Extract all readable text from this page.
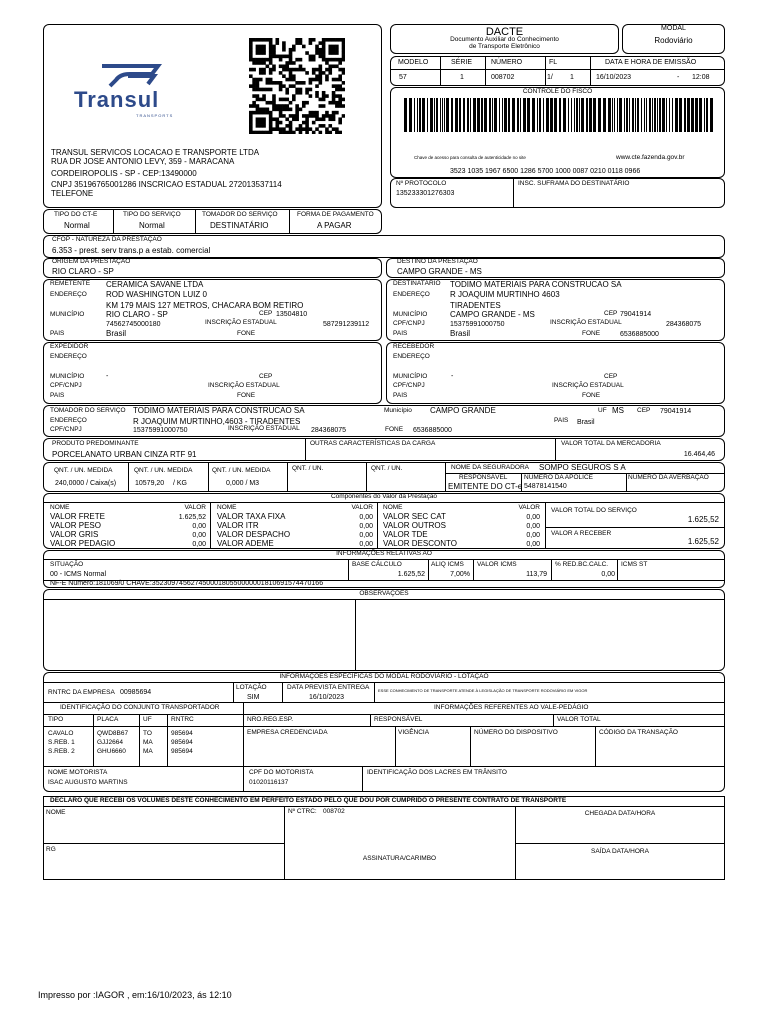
Transul
TRANSPORTS
TRANSUL SERVICOS LOCACAO E TRANSPORTE LTDA
RUA DR JOSE ANTONIO LEVY, 359 - MARACANA
CORDEIROPOLIS - SP - CEP:13490000
CNPJ 35196765001286 INSCRICAO ESTADUAL 272013537114
TELEFONE
DACTE
Documento Auxiliar do Conhecimento
de Transporte Eletrônico
MODAL
Rodoviário
MODELO
57
SÉRIE
1
NÚMERO
008702
FL
1/ 1
DATA E HORA DE EMISSÃO
16/10/2023	- 12:08
CONTROLE DO FISCO
Chave de acesso para consulta de autenticidade no site	www.cte.fazenda.gov.br
3523 1035 1967 6500 1286 5700 1000 0087 0210 0118 0966
Nº PROTOCOLO
135233301276303
INSC. SUFRAMA DO DESTINATÁRIO
TIPO DO CT-E
Normal
TIPO DO SERVIÇO
Normal
TOMADOR DO SERVIÇO
DESTINATÁRIO
FORMA DE PAGAMENTO
A PAGAR
CFOP - NATUREZA DA PRESTAÇÃO
6.353 - prest. serv trans.p a estab. comercial
ORIGEM DA PRESTAÇÃO
RIO CLARO - SP
DESTINO DA PRESTAÇÃO
CAMPO GRANDE - MS
REMETENTE CERAMICA SAVANE LTDA
ENDEREÇO ROD WASHINGTON LUIZ 0
KM 179 MAIS 127 METROS, CHACARA BOM RETIRO
MUNICÍPIO	RIO CLARO - SP	CEP 13504810
74562745000180	INSCRIÇÃO ESTADUAL	587291239112
PAIS	Brasil	FONE
DESTINATÁRIO TODIMO MATERIAIS PARA CONSTRUCAO SA
ENDEREÇO	R JOAQUIM MURTINHO 4603
TIRADENTES
MUNICÍPIO	CAMPO GRANDE - MS	CEP 79041914
CPF/CNPJ	15375991000750	INSCRIÇÃO ESTADUAL	284368075
PAIS	Brasil	FONE	6536885000
EXPEDIDOR
ENDEREÇO
MUNICÍPIO	-	CEP
CPF/CNPJ	INSCRIÇÃO ESTADUAL
PAIS	FONE
RECEBEDOR
ENDEREÇO
MUNICÍPIO	-	CEP
CPF/CNPJ	INSCRIÇÃO ESTADUAL
PAIS	FONE
TOMADOR DO SERVIÇO TODIMO MATERIAIS PARA CONSTRUCAO SA	Município CAMPO GRANDE	UF MS CEP 79041914
ENDEREÇO	R JOAQUIM MURTINHO,4603 - TIRADENTES	PAIS Brasil
CPF/CNPJ	15375991000750	INSCRIÇÃO ESTADUAL 284368075	FONE 6536885000
PRODUTO PREDOMINANTE
PORCELANATO URBAN CINZA RTF 91
OUTRAS CARACTERÍSTICAS DA CARGA	VALOR TOTAL DA MERCADORIA
16.464,46
QNT. / UN. MEDIDA
240,0000 / Caixa(s)
QNT. / UN. MEDIDA
10579,20 / KG
QNT. / UN. MEDIDA
0,000 / M3
QNT. / UN.	QNT. / UN.	NOME DA SEGURADORA SOMPO SEGUROS S A
RESPONSÁVEL
EMITENTE DO CT-e
NÚMERO DA APÓLICE
54878141540
NÚMERO DA AVERBAÇÃO
Componentes do Valor da Prestação
NOME	VALOR
VALOR FRETE	1.625,52
VALOR PESO	0,00
VALOR GRIS	0,00
VALOR PEDAGIO	0,00
NOME	VALOR
VALOR TAXA FIXA	0,00
VALOR ITR	0,00
VALOR DESPACHO	0,00
VALOR ADEME	0,00
NOME	VALOR
VALOR SEC CAT	0,00
VALOR OUTROS	0,00
VALOR TDE	0,00
VALOR DESCONTO	0,00
VALOR TOTAL DO SERVIÇO
1.625,52
VALOR A RECEBER
1.625,52
INFORMAÇÕES RELATIVAS AO
SITUAÇÃO
00 - ICMS Normal
BASE CÁLCULO
1.625,52
ALIQ ICMS
7,00%
VALOR ICMS
113,79
% RED.BC.CALC.
0,00
ICMS ST
NF-E Numero:181069/0 CHAVE:35230974562745000180550000001810691574470166
OBSERVAÇÕES
INFORMAÇÕES ESPECÍFICAS DO MODAL RODOVIÁRIO - LOTAÇÃO
RNTRC DA EMPRESA 00985694
LOTAÇÃO
SIM
DATA PREVISTA ENTREGA
16/10/2023
ESSE CONHECIMENTO DE TRANSPORTE ATENDE À LEGISLAÇÃO DE TRANSPORTE RODOVIÁRIO EM VIGOR
IDENTIFICAÇÃO DO CONJUNTO TRANSPORTADOR	INFORMAÇÕES REFERENTES AO VALE-PEDÁGIO
TIPO	PLACA	UF	RNTRC	NRO.REG.ESP.	RESPONSÁVEL	VALOR TOTAL
CAVALO	QWD8B67 TO	985694
S.REB. 1	GJJ2664	MA	985694
S.REB. 2	GHU6660	MA	985694
EMPRESA CREDENCIADA	VIGÊNCIA	NÚMERO DO DISPOSITIVO	CÓDIGO DA TRANSAÇÃO
NOME MOTORISTA
ISAC AUGUSTO MARTINS
CPF DO MOTORISTA
01020116137
IDENTIFICAÇÃO DOS LACRES EM TRÂNSITO
DECLARO QUE RECEBI OS VOLUMES DESTE CONHECIMENTO EM PERFEITO ESTADO PELO QUE DOU POR CUMPRIDO O PRESENTE CONTRATO DE TRANSPORTE
NOME
RG
Nº CTRC: 008702
ASSINATURA/CARIMBO
CHEGADA DATA/HORA
SAÍDA DATA/HORA
Impresso por :IAGOR , em:16/10/2023, ás 12:10
